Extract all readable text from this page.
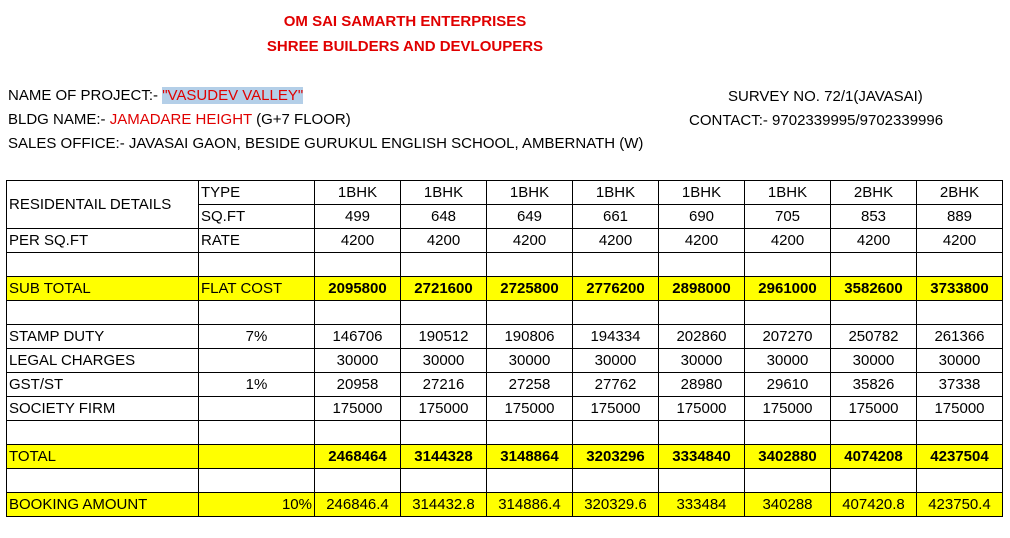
OM SAI SAMARTH ENTERPRISES
SHREE BUILDERS AND DEVLOUPERS
NAME OF PROJECT:- "VASUDEV VALLEY"
BLDG NAME:- JAMADARE HEIGHT (G+7 FLOOR)
SALES OFFICE:- JAVASAI GAON, BESIDE GURUKUL ENGLISH SCHOOL, AMBERNATH (W)
SURVEY NO. 72/1(JAVASAI)
CONTACT:- 9702339995/9702339996
RESIDENTAIL DETAILS	TYPE	1BHK	1BHK	1BHK	1BHK	1BHK	1BHK	2BHK	2BHK
	SQ.FT	499	648	649	661	690	705	853	889
PER SQ.FT	RATE	4200	4200	4200	4200	4200	4200	4200	4200

SUB TOTAL	FLAT COST	2095800	2721600	2725800	2776200	2898000	2961000	3582600	3733800

STAMP DUTY	7%	146706	190512	190806	194334	202860	207270	250782	261366
LEGAL CHARGES		30000	30000	30000	30000	30000	30000	30000	30000
GST/ST	1%	20958	27216	27258	27762	28980	29610	35826	37338
SOCIETY FIRM		175000	175000	175000	175000	175000	175000	175000	175000

TOTAL		2468464	3144328	3148864	3203296	3334840	3402880	4074208	4237504

BOOKING AMOUNT	10%	246846.4	314432.8	314886.4	320329.6	333484	340288	407420.8	423750.4
